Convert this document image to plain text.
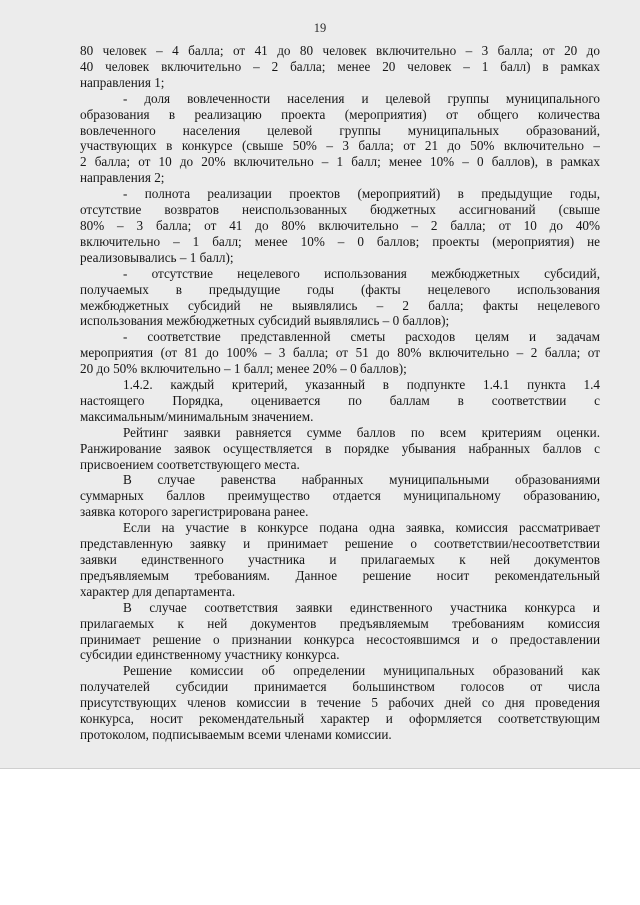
19
80 человек – 4 балла; от 41 до 80 человек включительно – 3 балла; от 20 до
40 человек включительно – 2 балла; менее 20 человек – 1 балл) в рамках
направления 1;
- доля вовлеченности населения и целевой группы муниципального
образования в реализацию проекта (мероприятия) от общего количества
вовлеченного населения целевой группы муниципальных образований,
участвующих в конкурсе (свыше 50% – 3 балла; от 21 до 50% включительно –
2 балла; от 10 до 20% включительно – 1 балл; менее 10% – 0 баллов), в рамках
направления 2;
- полнота реализации проектов (мероприятий) в предыдущие годы,
отсутствие возвратов неиспользованных бюджетных ассигнований (свыше
80% – 3 балла; от 41 до 80% включительно – 2 балла; от 10 до 40%
включительно – 1 балл; менее 10% – 0 баллов; проекты (мероприятия) не
реализовывались – 1 балл);
- отсутствие нецелевого использования межбюджетных субсидий,
получаемых в предыдущие годы (факты нецелевого использования
межбюджетных субсидий не выявлялись – 2 балла; факты нецелевого
использования межбюджетных субсидий выявлялись – 0 баллов);
- соответствие представленной сметы расходов целям и задачам
мероприятия (от 81 до 100% – 3 балла; от 51 до 80% включительно – 2 балла; от
20 до 50% включительно – 1 балл; менее 20% – 0 баллов);
1.4.2. каждый критерий, указанный в подпункте 1.4.1 пункта 1.4
настоящего Порядка, оценивается по баллам в соответствии с
максимальным/минимальным значением.
Рейтинг заявки равняется сумме баллов по всем критериям оценки.
Ранжирование заявок осуществляется в порядке убывания набранных баллов с
присвоением соответствующего места.
В случае равенства набранных муниципальными образованиями
суммарных баллов преимущество отдается муниципальному образованию,
заявка которого зарегистрирована ранее.
Если на участие в конкурсе подана одна заявка, комиссия рассматривает
представленную заявку и принимает решение о соответствии/несоответствии
заявки единственного участника и прилагаемых к ней документов
предъявляемым требованиям. Данное решение носит рекомендательный
характер для департамента.
В случае соответствия заявки единственного участника конкурса и
прилагаемых к ней документов предъявляемым требованиям комиссия
принимает решение о признании конкурса несостоявшимся и о предоставлении
субсидии единственному участнику конкурса.
Решение комиссии об определении муниципальных образований как
получателей субсидии принимается большинством голосов от числа
присутствующих членов комиссии в течение 5 рабочих дней со дня проведения
конкурса, носит рекомендательный характер и оформляется соответствующим
протоколом, подписываемым всеми членами комиссии.
